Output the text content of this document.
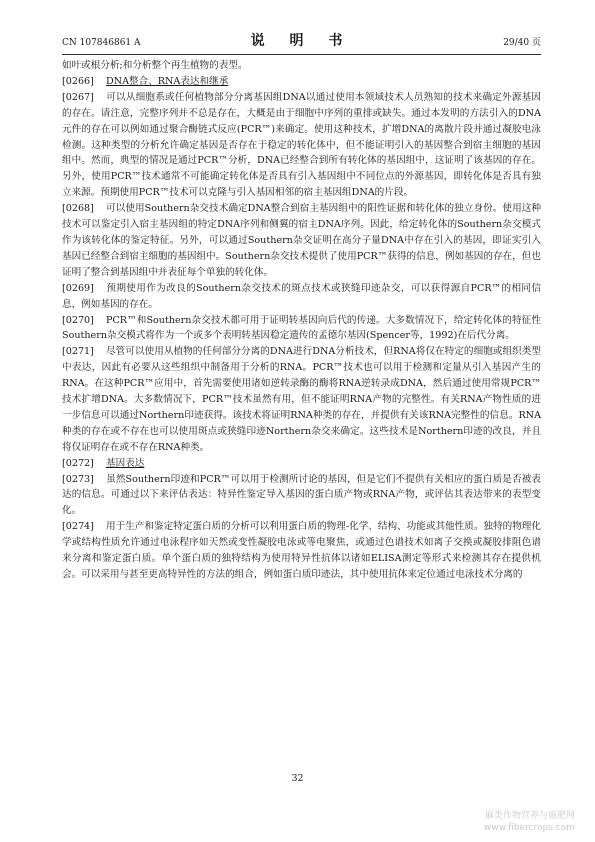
CN 107846861 A	说 明 书	29/40 页

如叶或根分析;和分析整个再生植物的表型。

[0266] DNA整合、RNA表达和继承

[0267] 可以从细胞系或任何植物部分分离基因组DNA以通过使用本领域技术人员熟知的技术来确定外源基因的存在。请注意，完整序列并不总是存在，大概是由于细胞中序列的重排或缺失。通过本发明的方法引入的DNA元件的存在可以例如通过聚合酶链式反应(PCR™)来确定。使用这种技术，扩增DNA的离散片段并通过凝胶电泳检测。这种类型的分析允许确定基因是否存在于稳定的转化体中，但不能证明引入的基因整合到宿主细胞的基因组中。然而，典型的情况是通过PCR™分析，DNA已经整合到所有转化体的基因组中，这证明了该基因的存在。另外，使用PCR™技术通常不可能确定转化体是否具有引入基因组中不同位点的外源基因，即转化体是否具有独立来源。预期使用PCR™技术可以克隆与引入基因相邻的宿主基因组DNA的片段。

[0268] 可以使用Southern杂交技术确定DNA整合到宿主基因组中的阳性证据和转化体的独立身份。使用这种技术可以鉴定引入宿主基因组的特定DNA序列和侧翼的宿主DNA序列。因此，给定转化体的Southern杂交模式作为该转化体的鉴定特征。另外，可以通过Southern杂交证明在高分子量DNA中存在引入的基因，即证实引入基因已经整合到宿主细胞的基因组中。Southern杂交技术提供了使用PCR™获得的信息，例如基因的存在，但也证明了整合到基因组中并表征每个单独的转化体。

[0269] 预期使用作为改良的Southern杂交技术的斑点技术或狭缝印迹杂交，可以获得源自PCR™的相同信息，例如基因的存在。

[0270] PCR™和Southern杂交技术都可用于证明转基因向后代的传递。大多数情况下，给定转化体的特征性Southern杂交模式将作为一个或多个表明转基因稳定遗传的孟德尔基因(Spencer等，1992)在后代分离。

[0271] 尽管可以使用从植物的任何部分分离的DNA进行DNA分析技术，但RNA将仅在特定的细胞或组织类型中表达，因此有必要从这些组织中制备用于分析的RNA。PCR™技术也可以用于检测和定量从引入基因产生的RNA。在这种PCR™应用中，首先需要使用诸如逆转录酶的酶将RNA逆转录成DNA，然后通过使用常规PCR™技术扩增DNA。大多数情况下，PCR™技术虽然有用，但不能证明RNA产物的完整性。有关RNA产物性质的进一步信息可以通过Northern印迹获得。该技术将证明RNA种类的存在，并提供有关该RNA完整性的信息。RNA种类的存在或不存在也可以使用斑点或狭缝印迹Northern杂交来确定。这些技术是Northern印迹的改良，并且将仅证明存在或不存在RNA种类。

[0272] 基因表达

[0273] 虽然Southern印迹和PCR™可以用于检测所讨论的基因，但是它们不提供有关相应的蛋白质是否被表达的信息。可通过以下来评估表达：特异性鉴定导入基因的蛋白质产物或RNA产物，或评估其表达带来的表型变化。

[0274] 用于生产和鉴定特定蛋白质的分析可以利用蛋白质的物理-化学、结构、功能或其他性质。独特的物理化学或结构性质允许通过电泳程序如天然或变性凝胶电泳或等电聚焦，或通过色谱技术如离子交换或凝胶排阻色谱来分离和鉴定蛋白质。单个蛋白质的独特结构为使用特异性抗体以诸如ELISA测定等形式来检测其存在提供机会。可以采用与甚至更高特异性的方法的组合，例如蛋白质印迹法，其中使用抗体来定位通过电泳技术分离的

32
麻类作物营养与施肥网
www.fibercrops.com
